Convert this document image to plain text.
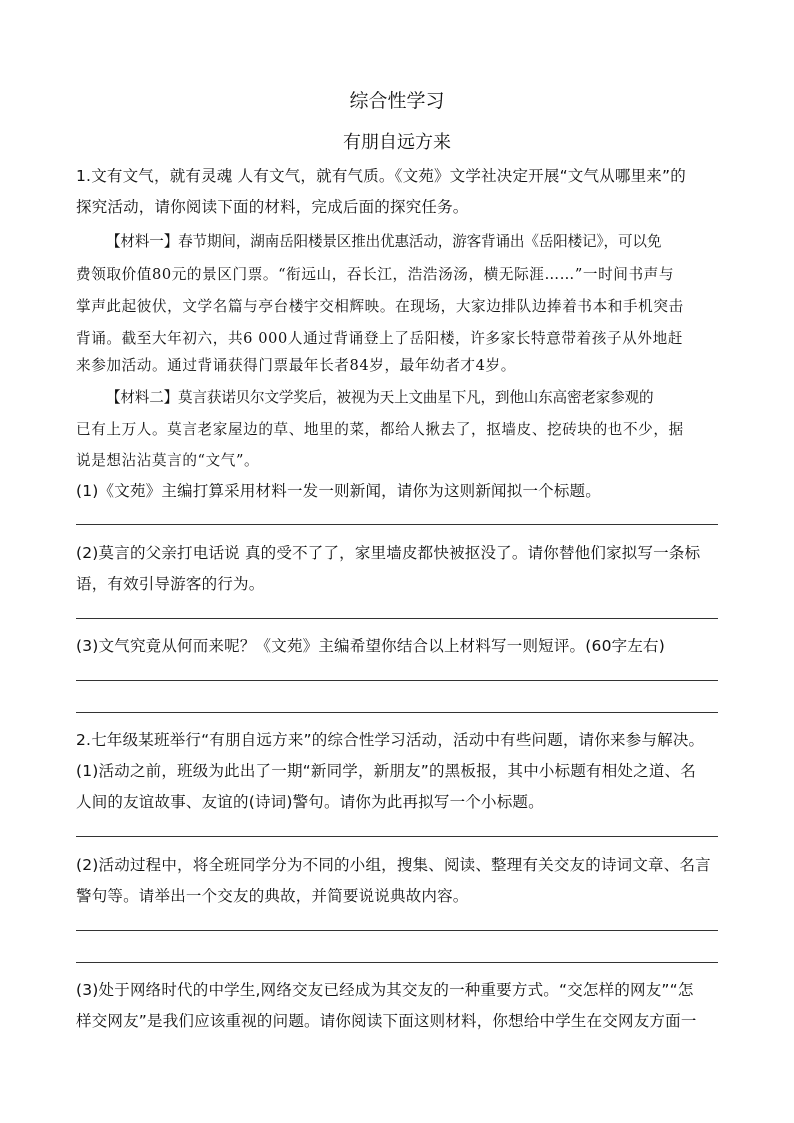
综合性学习
有朋自远方来
1.文有文气，就有灵魂 人有文气，就有气质。《文苑》文学社决定开展“文气从哪里来”的
探究活动，请你阅读下面的材料，完成后面的探究任务。
【材料一】春节期间，湖南岳阳楼景区推出优惠活动，游客背诵出《岳阳楼记》，可以免
费领取价值80元的景区门票。“衔远山，吞长江，浩浩汤汤，横无际涯……”一时间书声与
掌声此起彼伏，文学名篇与亭台楼宇交相辉映。在现场，大家边排队边捧着书本和手机突击
背诵。截至大年初六，共6 000人通过背诵登上了岳阳楼，许多家长特意带着孩子从外地赶
来参加活动。通过背诵获得门票最年长者84岁，最年幼者才4岁。
【材料二】莫言获诺贝尔文学奖后，被视为天上文曲星下凡，到他山东高密老家参观的
已有上万人。莫言老家屋边的草、地里的菜，都给人揪去了，抠墙皮、挖砖块的也不少，据
说是想沾沾莫言的“文气”。
(1)《文苑》主编打算采用材料一发一则新闻，请你为这则新闻拟一个标题。
(2)莫言的父亲打电话说 真的受不了了，家里墙皮都快被抠没了。请你替他们家拟写一条标
语，有效引导游客的行为。
(3)文气究竟从何而来呢？《文苑》主编希望你结合以上材料写一则短评。(60字左右)
2.七年级某班举行“有朋自远方来”的综合性学习活动，活动中有些问题，请你来参与解决。
(1)活动之前，班级为此出了一期“新同学，新朋友”的黑板报，其中小标题有相处之道、名
人间的友谊故事、友谊的(诗词)警句。请你为此再拟写一个小标题。
(2)活动过程中，将全班同学分为不同的小组，搜集、阅读、整理有关交友的诗词文章、名言
警句等。请举出一个交友的典故，并简要说说典故内容。
(3)处于网络时代的中学生,网络交友已经成为其交友的一种重要方式。“交怎样的网友”“怎
样交网友”是我们应该重视的问题。请你阅读下面这则材料，你想给中学生在交网友方面一
